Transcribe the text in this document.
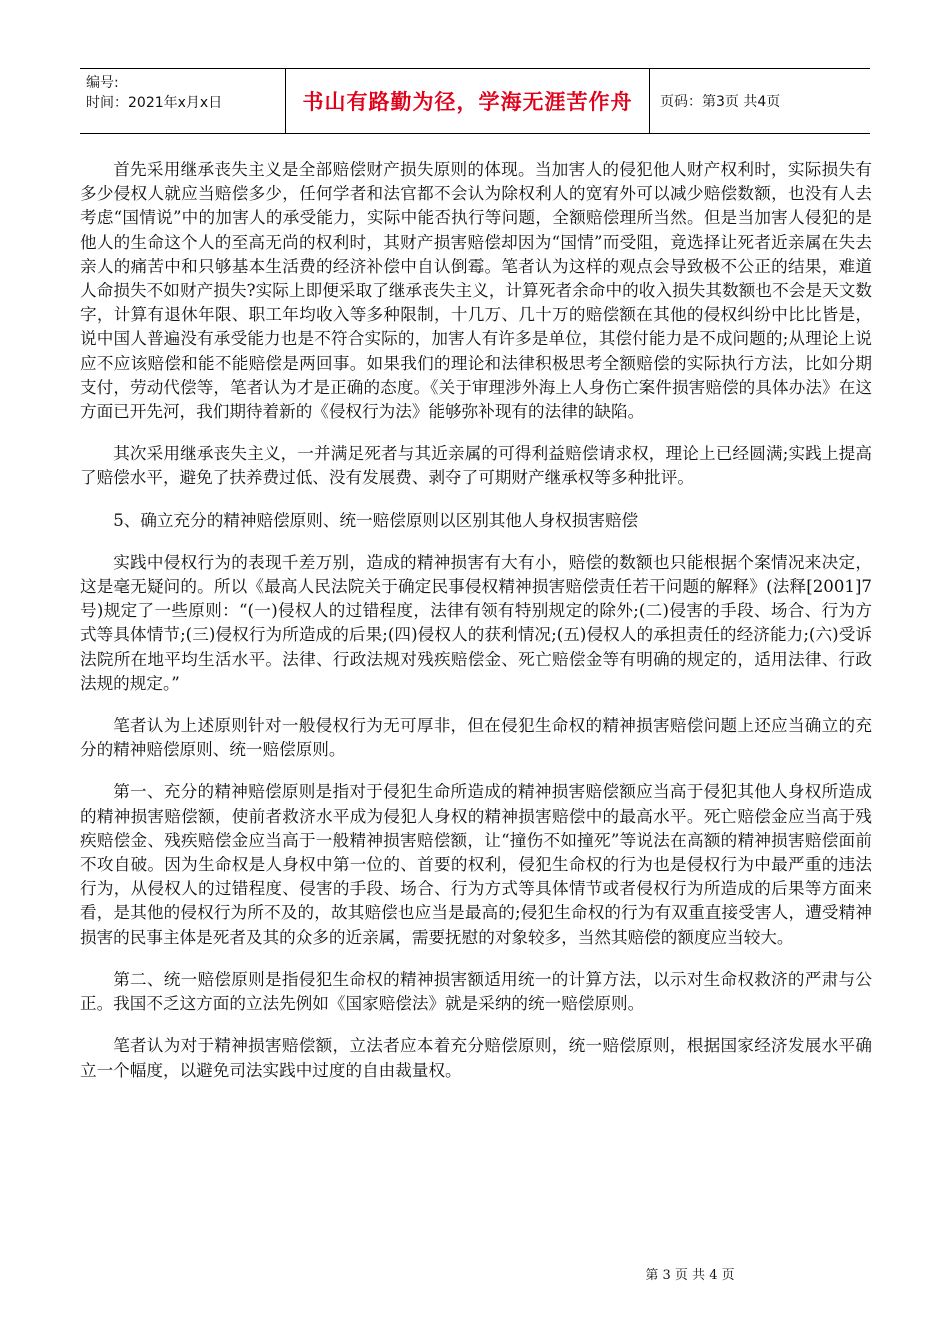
编号:
时间：2021年x月x日	书山有路勤为径，学海无涯苦作舟	页码：第3页 共4页

首先采用继承丧失主义是全部赔偿财产损失原则的体现。当加害人的侵犯他人财产权利时，实际损失有多少侵权人就应当赔偿多少，任何学者和法官都不会认为除权利人的宽宥外可以减少赔偿数额，也没有人去考虑“国情说”中的加害人的承受能力，实际中能否执行等问题，全额赔偿理所当然。但是当加害人侵犯的是他人的生命这个人的至高无尚的权利时，其财产损害赔偿却因为“国情”而受阻，竟选择让死者近亲属在失去亲人的痛苦中和只够基本生活费的经济补偿中自认倒霉。笔者认为这样的观点会导致极不公正的结果，难道人命损失不如财产损失?实际上即便采取了继承丧失主义，计算死者余命中的收入损失其数额也不会是天文数字，计算有退休年限、职工年均收入等多种限制，十几万、几十万的赔偿额在其他的侵权纠纷中比比皆是，说中国人普遍没有承受能力也是不符合实际的，加害人有许多是单位，其偿付能力是不成问题的;从理论上说应不应该赔偿和能不能赔偿是两回事。如果我们的理论和法律积极思考全额赔偿的实际执行方法，比如分期支付，劳动代偿等，笔者认为才是正确的态度。《关于审理涉外海上人身伤亡案件损害赔偿的具体办法》在这方面已开先河，我们期待着新的《侵权行为法》能够弥补现有的法律的缺陷。

其次采用继承丧失主义，一并满足死者与其近亲属的可得利益赔偿请求权，理论上已经圆满;实践上提高了赔偿水平，避免了扶养费过低、没有发展费、剥夺了可期财产继承权等多种批评。

5、确立充分的精神赔偿原则、统一赔偿原则以区别其他人身权损害赔偿

实践中侵权行为的表现千差万别，造成的精神损害有大有小，赔偿的数额也只能根据个案情况来决定，这是毫无疑问的。所以《最高人民法院关于确定民事侵权精神损害赔偿责任若干问题的解释》(法释[2001]7号)规定了一些原则：“(一)侵权人的过错程度，法律有领有特别规定的除外;(二)侵害的手段、场合、行为方式等具体情节;(三)侵权行为所造成的后果;(四)侵权人的获利情况;(五)侵权人的承担责任的经济能力;(六)受诉法院所在地平均生活水平。法律、行政法规对残疾赔偿金、死亡赔偿金等有明确的规定的，适用法律、行政法规的规定。”

笔者认为上述原则针对一般侵权行为无可厚非，但在侵犯生命权的精神损害赔偿问题上还应当确立的充分的精神赔偿原则、统一赔偿原则。

第一、充分的精神赔偿原则是指对于侵犯生命所造成的精神损害赔偿额应当高于侵犯其他人身权所造成的精神损害赔偿额，使前者救济水平成为侵犯人身权的精神损害赔偿中的最高水平。死亡赔偿金应当高于残疾赔偿金、残疾赔偿金应当高于一般精神损害赔偿额，让“撞伤不如撞死”等说法在高额的精神损害赔偿面前不攻自破。因为生命权是人身权中第一位的、首要的权利，侵犯生命权的行为也是侵权行为中最严重的违法行为，从侵权人的过错程度、侵害的手段、场合、行为方式等具体情节或者侵权行为所造成的后果等方面来看，是其他的侵权行为所不及的，故其赔偿也应当是最高的;侵犯生命权的行为有双重直接受害人，遭受精神损害的民事主体是死者及其的众多的近亲属，需要抚慰的对象较多，当然其赔偿的额度应当较大。

第二、统一赔偿原则是指侵犯生命权的精神损害额适用统一的计算方法，以示对生命权救济的严肃与公正。我国不乏这方面的立法先例如《国家赔偿法》就是采纳的统一赔偿原则。

笔者认为对于精神损害赔偿额，立法者应本着充分赔偿原则，统一赔偿原则，根据国家经济发展水平确立一个幅度，以避免司法实践中过度的自由裁量权。

第 3 页 共 4 页
